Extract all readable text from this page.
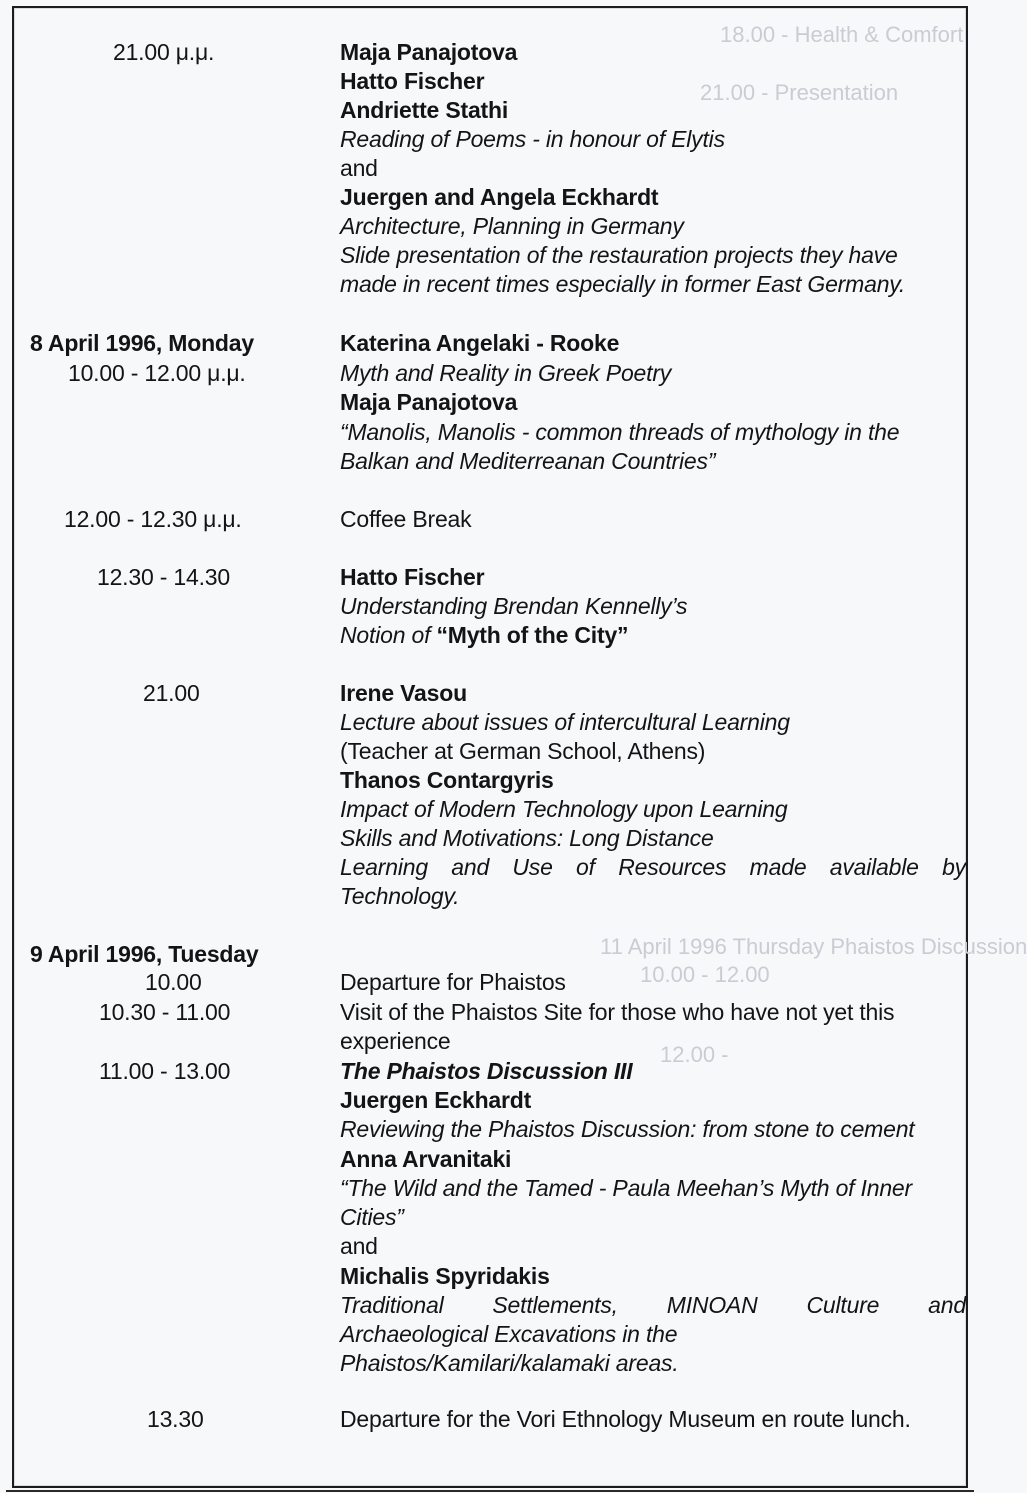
18.00 - Health & Comfort
21.00 - Presentation
11 April 1996 Thursday Phaistos Discussion
10.00 - 12.00
12.00 -
21.00 μ.μ.
8 April 1996, Monday
10.00 - 12.00 μ.μ.
12.00 - 12.30 μ.μ.
12.30 - 14.30
21.00
9 April 1996, Tuesday
10.00
10.30 - 11.00
11.00 - 13.00
13.30
Maja Panajotova
Hatto Fischer
Andriette Stathi
Reading of Poems - in honour of Elytis
and
Juergen and Angela Eckhardt
Architecture, Planning in Germany
Slide presentation of the restauration projects they have
made in recent times especially in former East Germany.
Katerina Angelaki - Rooke
Myth and Reality in Greek Poetry
Maja Panajotova
“Manolis, Manolis - common threads of mythology in the
Balkan and Mediterreanan Countries”
Coffee Break
Hatto Fischer
Understanding Brendan Kennelly’s
Notion of “Myth of the City”
Irene Vasou
Lecture about issues of intercultural Learning
(Teacher at German School, Athens)
Thanos Contargyris
Impact of Modern Technology upon Learning
Skills and Motivations: Long Distance
Learning and Use of Resources made available by
Technology.
Departure for Phaistos
Visit of the Phaistos Site for those who have not yet this
experience
The Phaistos Discussion III
Juergen Eckhardt
Reviewing the Phaistos Discussion: from stone to cement
Anna Arvanitaki
“The Wild and the Tamed - Paula Meehan’s Myth of Inner
Cities”
and
Michalis Spyridakis
Traditional Settlements, MINOAN Culture and
Archaeological Excavations in the
Phaistos/Kamilari/kalamaki areas.
Departure for the Vori Ethnology Museum en route lunch.
